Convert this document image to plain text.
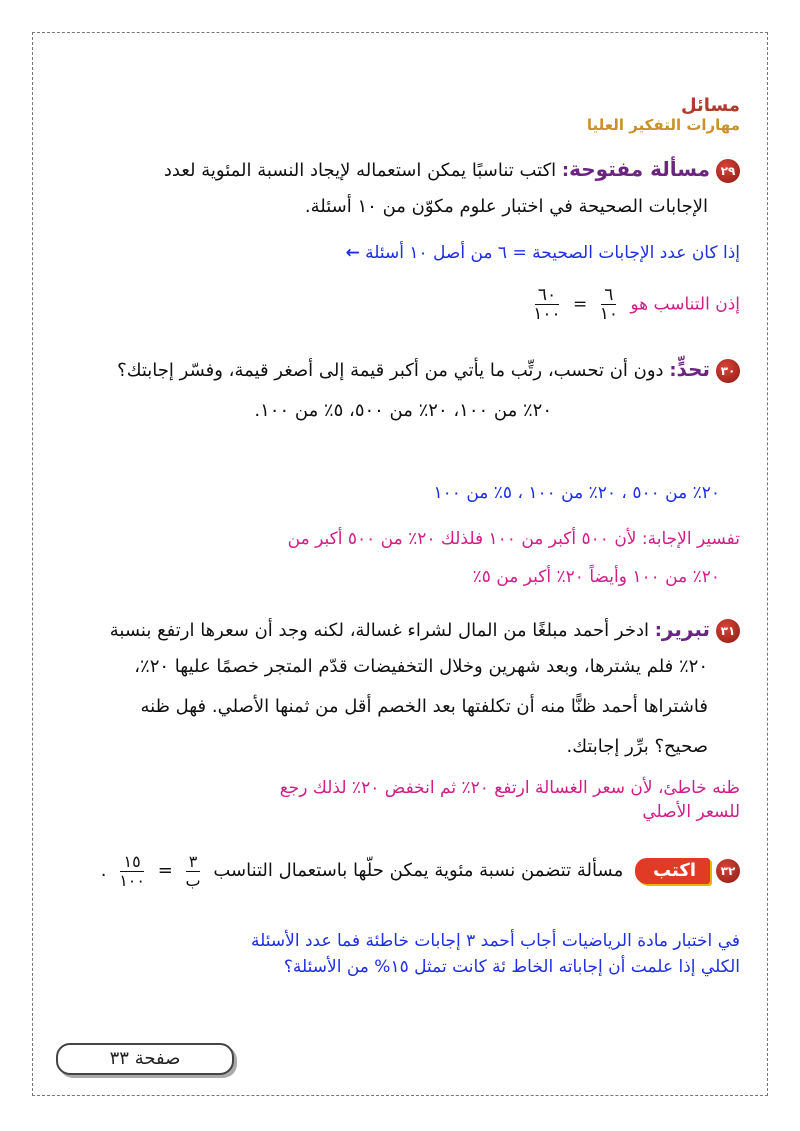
مسائل
مهارات التفكير العليا
٢٩مسألة مفتوحة: اكتب تناسبًا يمكن استعماله لإيجاد النسبة المئوية لعدد
الإجابات الصحيحة في اختبار علوم مكوّن من ١٠ أسئلة.
إذا كان عدد الإجابات الصحيحة = ٦ من أصل ١٠ أسئلة ←
إذن التناسب هو
$\frac{٦}{١٠}$
=
$\frac{٦٠}{١٠٠}$
٣٠تحدٍّ: دون أن تحسب، رتِّب ما يأتي من أكبر قيمة إلى أصغر قيمة، وفسّر إجابتك؟
٢٠٪ من ١٠٠، ٢٠٪ من ٥٠٠، ٥٪ من ١٠٠.
٢٠٪ من ٥٠٠ ، ٢٠٪ من ١٠٠ ، ٥٪ من ١٠٠
تفسير الإجابة: لأن ٥٠٠ أكبر من ١٠٠ فلذلك ٢٠٪ من ٥٠٠ أكبر من
٢٠٪ من ١٠٠ وأيضاً ٢٠٪ أكبر من ٥٪
٣١تبرير: ادخر أحمد مبلغًا من المال لشراء غسالة، لكنه وجد أن سعرها ارتفع بنسبة
٢٠٪ فلم يشترها، وبعد شهرين وخلال التخفيضات قدّم المتجر خصمًا عليها ٢٠٪،
فاشتراها أحمد ظنًّا منه أن تكلفتها بعد الخصم أقل من ثمنها الأصلي. فهل ظنه
صحيح؟ برِّر إجابتك.
ظنه خاطئ، لأن سعر الغسالة ارتفع ٢٠٪ ثم انخفض ٢٠٪ لذلك رجع
للسعر الأصلي
٣٢اكتب مسألة تتضمن نسبة مئوية يمكن حلّها باستعمال التناسب
$\frac{٣}{\text{ب}}$
=
$\frac{١٥}{١٠٠}$
.
في اختبار مادة الرياضيات أجاب أحمد ٣ إجابات خاطئة فما عدد الأسئلة
الكلي إذا علمت أن إجاباته الخاط ئة كانت تمثل ١٥% من الأسئلة؟
صفحة ٣٣
